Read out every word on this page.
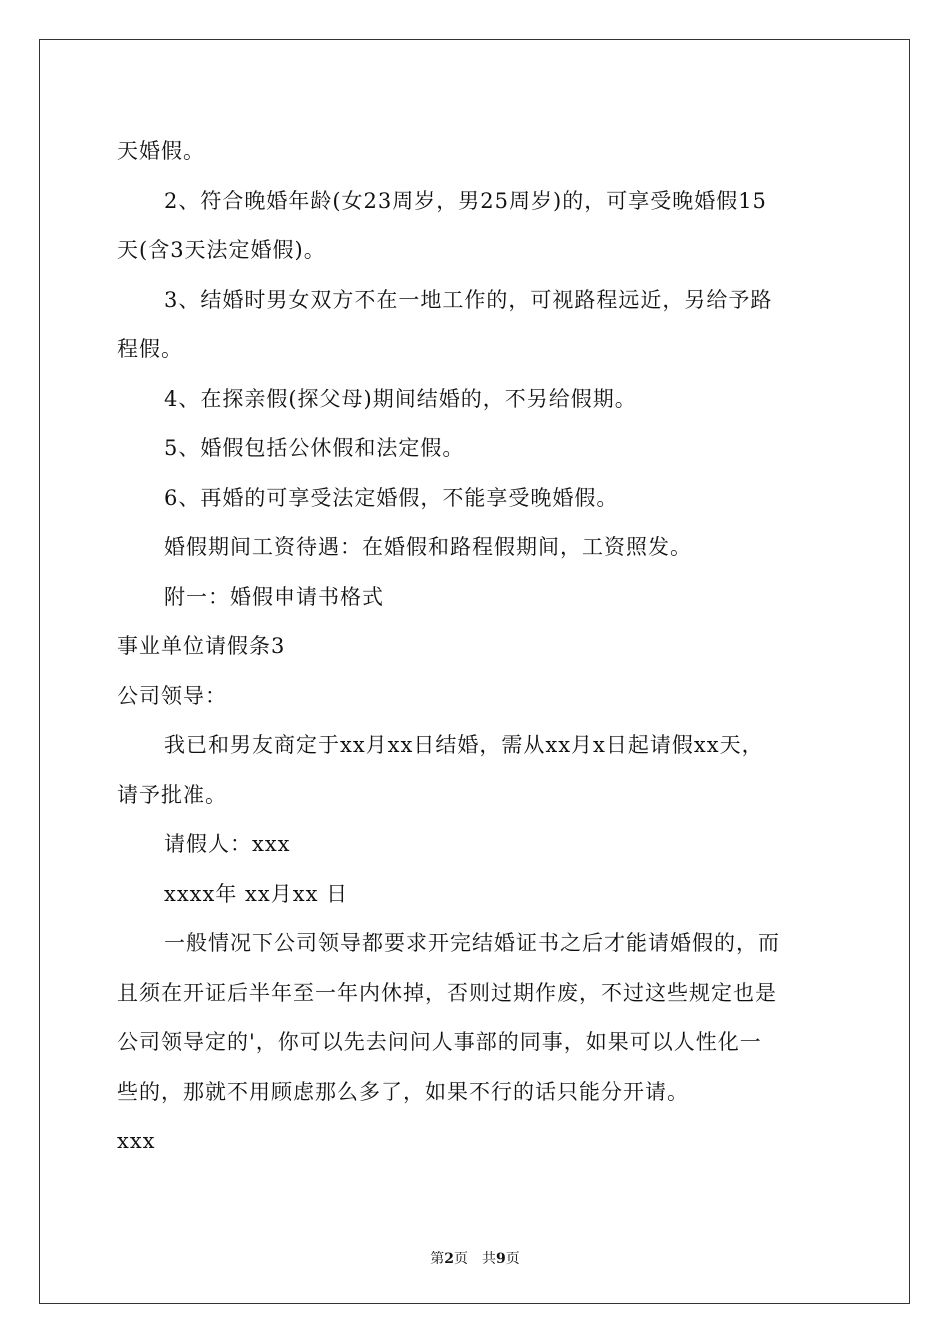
天婚假。

2、符合晚婚年龄(女23周岁，男25周岁)的，可享受晚婚假15

天(含3天法定婚假)。

3、结婚时男女双方不在一地工作的，可视路程远近，另给予路

程假。

4、在探亲假(探父母)期间结婚的，不另给假期。

5、婚假包括公休假和法定假。

6、再婚的可享受法定婚假，不能享受晚婚假。

婚假期间工资待遇：在婚假和路程假期间，工资照发。

附一：婚假申请书格式

事业单位请假条3

公司领导：

我已和男友商定于xx月xx日结婚，需从xx月x日起请假xx天，

请予批准。

请假人：xxx

xxxx年 xx月xx 日

一般情况下公司领导都要求开完结婚证书之后才能请婚假的，而

且须在开证后半年至一年内休掉，否则过期作废，不过这些规定也是

公司领导定的'，你可以先去问问人事部的同事，如果可以人性化一

些的，那就不用顾虑那么多了，如果不行的话只能分开请。

xxx

第2页 共9页
